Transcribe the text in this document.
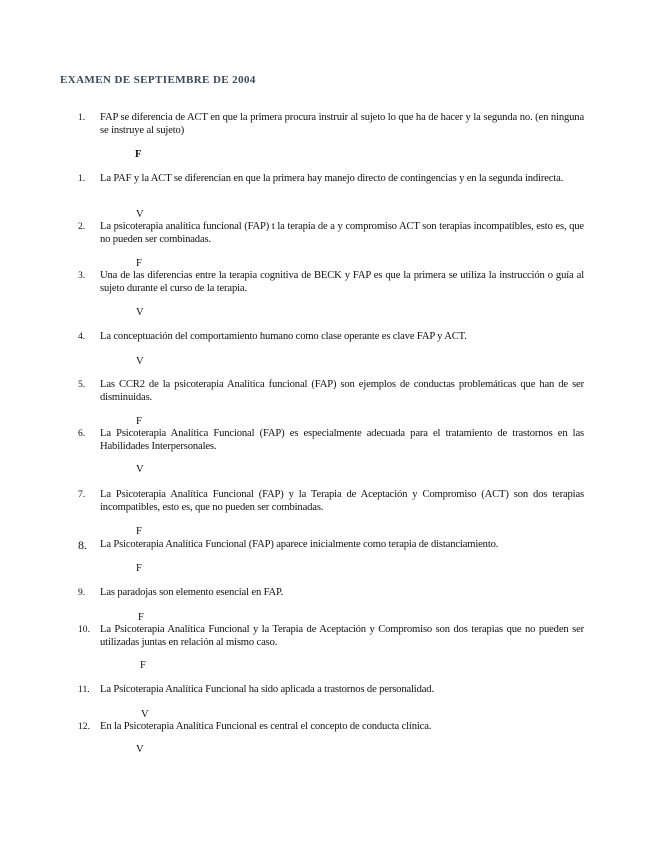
EXAMEN DE SEPTIEMBRE DE 2004
1.	FAP se diferencia de ACT en que la primera procura instruir al sujeto lo que ha de hacer y la segunda no. (en ninguna se instruye al sujeto)
F
1.	La PAF y la ACT se diferencian en que la primera hay manejo directo de contingencias y en la segunda indirecta.
V
2.	La psicoterapia analítica funcional (FAP) t la terapia de a y compromiso ACT son terapias incompatibles, esto es, que no pueden ser combinadas.
F
3.	Una de las diferencias entre la terapia cognitiva de BECK y FAP es que la primera se utiliza la instrucción o guía al sujeto durante el curso de la terapia.
V
4.	La conceptuación del comportamiento humano como clase operante es clave FAP y ACT.
V
5.	Las CCR2 de la psicoterapia Analítica funcional (FAP) son ejemplos de conductas problemáticas que han de ser disminuidas.
F
6.	La Psicoterapia Analítica Funcional (FAP) es especialmente adecuada para el tratamiento de trastornos en las Habilidades Interpersonales.
V
7.	La Psicoterapia Analítica Funcional (FAP) y la Terapia de Aceptación y Compromiso (ACT) son dos terapias incompatibles, esto es, que no pueden ser combinadas.
F
8.	La Psicoterapia Analítica Funcional (FAP) aparece inicialmente como terapia de distanciamiento.
F
9.	Las paradojas son elemento esencial en FAP.
F
10. La Psicoterapia Analítica Funcional y la Terapia de Aceptación y Compromiso son dos terapias que no pueden ser utilizadas juntas en relación al mismo caso.
F
11. La Psicoterapia Analítica Funcional ha sido aplicada a trastornos de personalidad.
V
12. En la Psicoterapia Analítica Funcional es central el concepto de conducta clínica.
V
